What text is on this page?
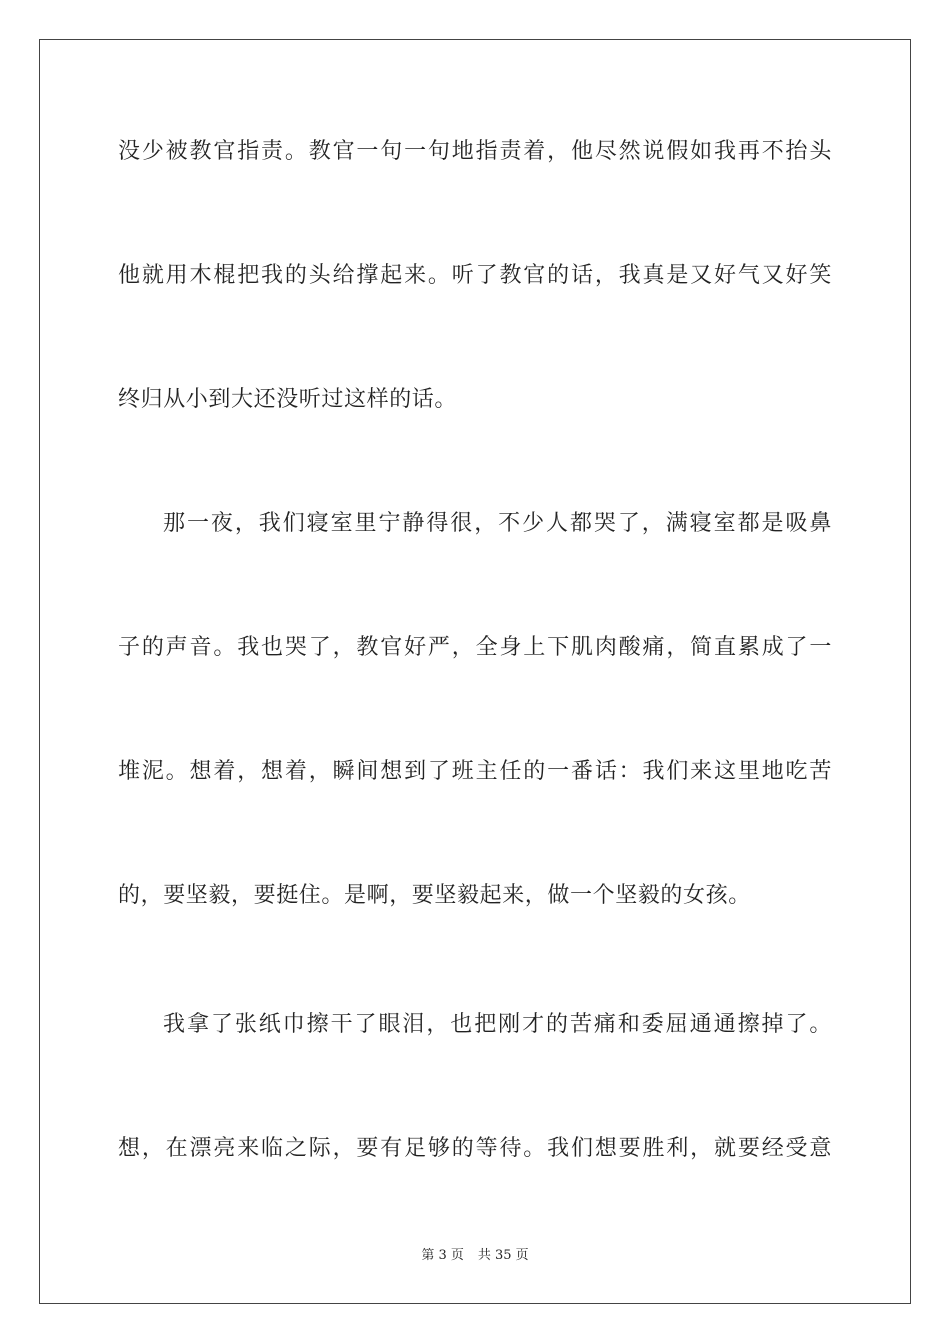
没少被教官指责。教官一句一句地指责着，他尽然说假如我再不抬头
他就用木棍把我的头给撑起来。听了教官的话，我真是又好气又好笑
终归从小到大还没听过这样的话。
那一夜，我们寝室里宁静得很，不少人都哭了，满寝室都是吸鼻
子的声音。我也哭了，教官好严，全身上下肌肉酸痛，简直累成了一
堆泥。想着，想着，瞬间想到了班主任的一番话：我们来这里地吃苦
的，要坚毅，要挺住。是啊，要坚毅起来，做一个坚毅的女孩。
我拿了张纸巾擦干了眼泪，也把刚才的苦痛和委屈通通擦掉了。
想，在漂亮来临之际，要有足够的等待。我们想要胜利，就要经受意
第 3 页 共 35 页
